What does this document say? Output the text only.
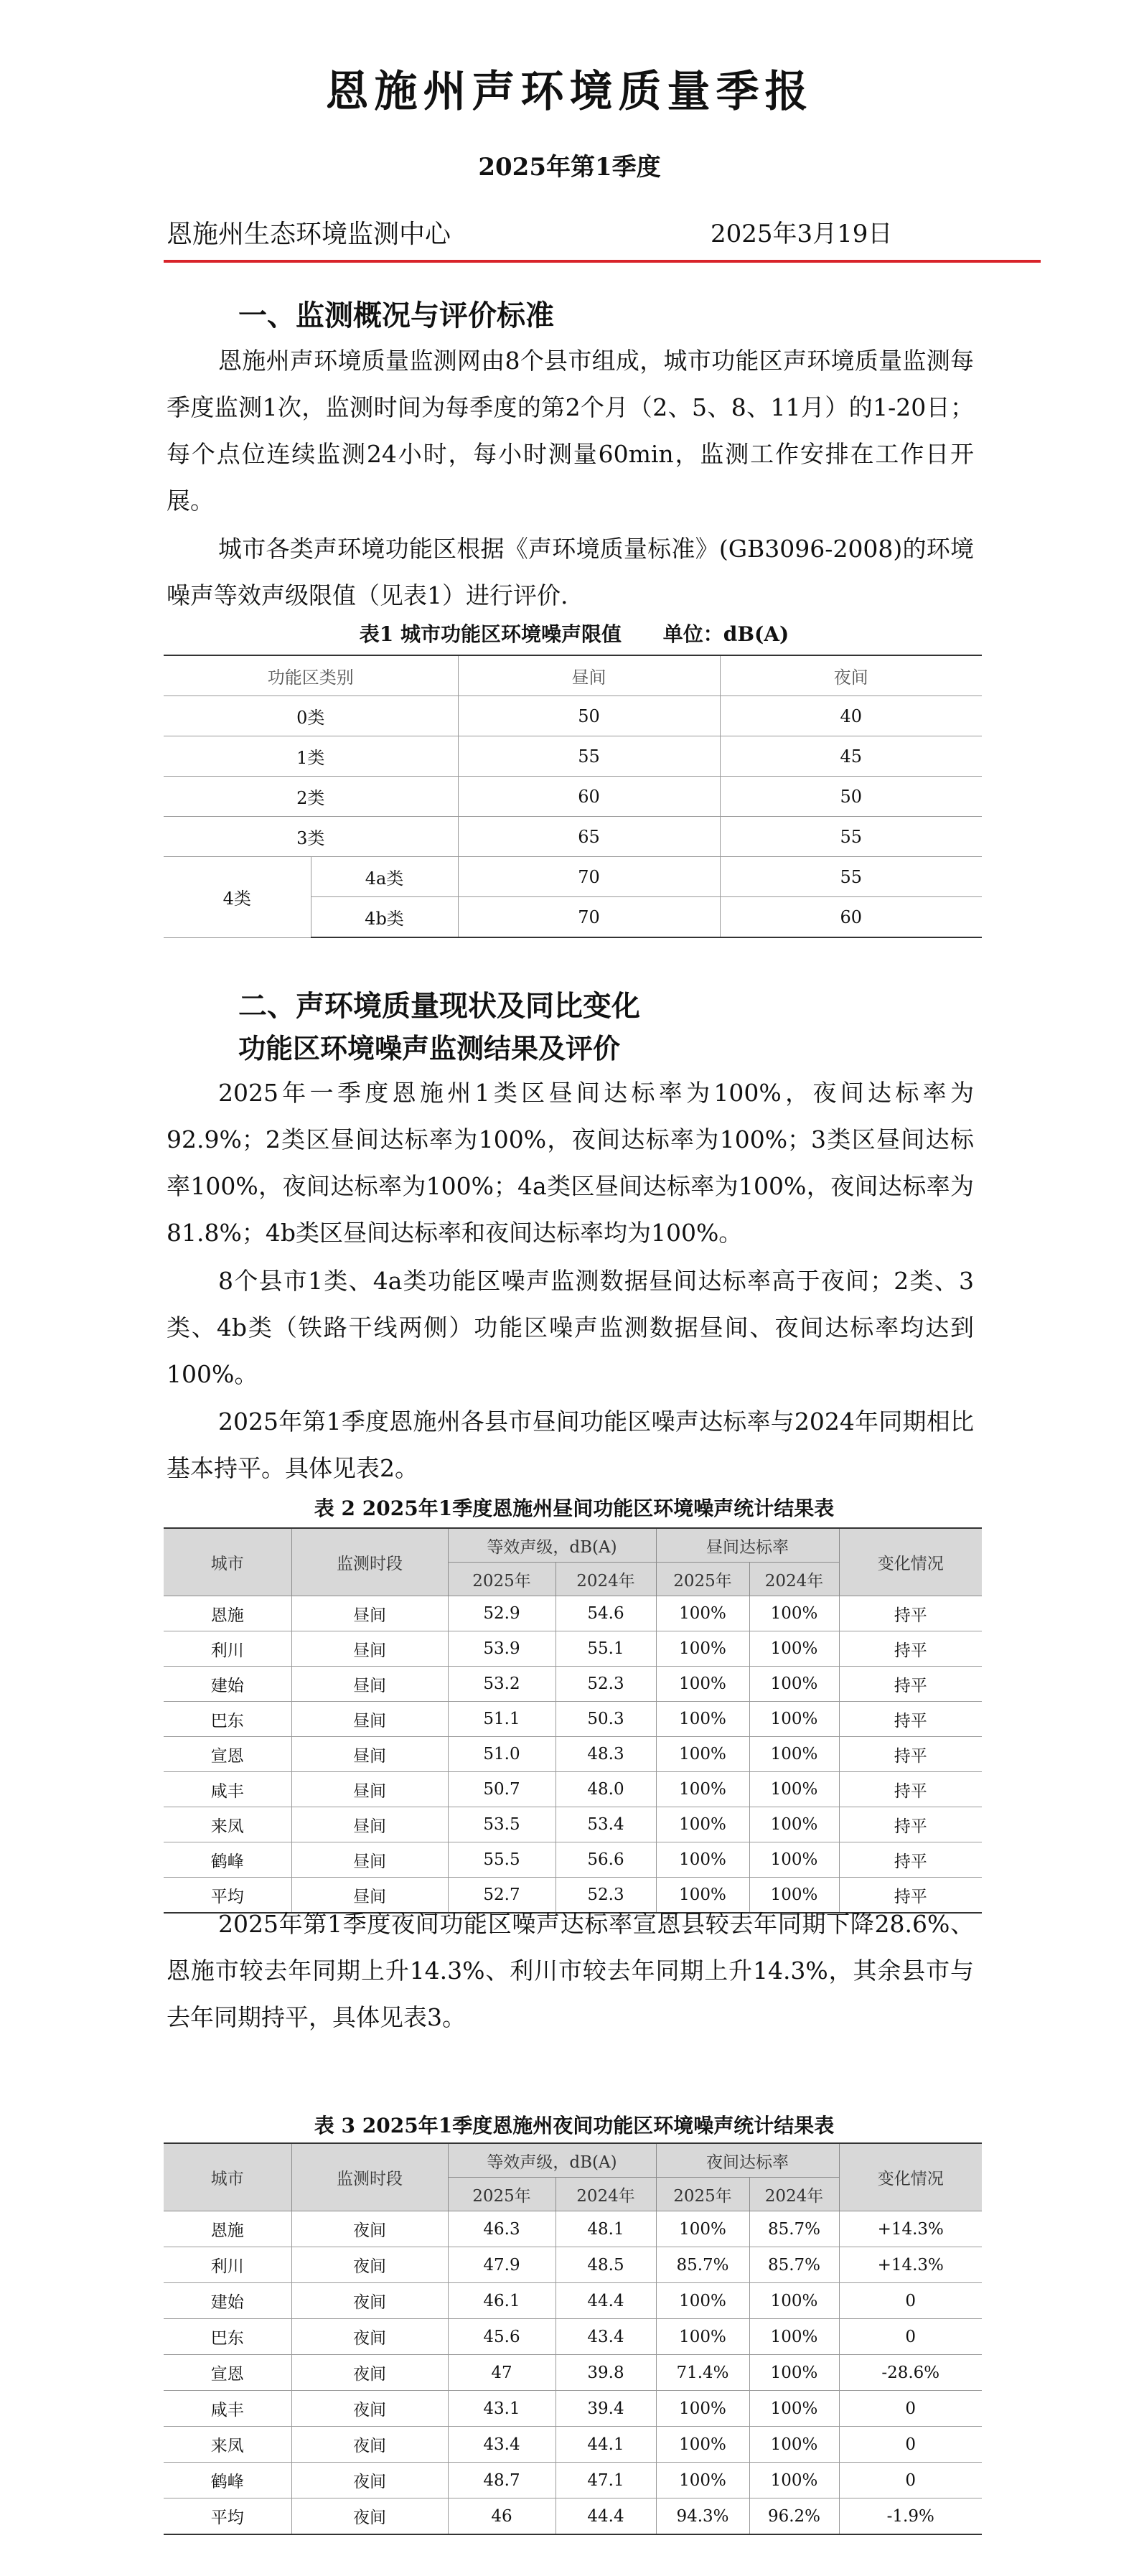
恩施州声环境质量季报
2025年第1季度
恩施州生态环境监测中心	2025年3月19日
一、监测概况与评价标准
恩施州声环境质量监测网由8个县市组成，城市功能区声环境质量监测每季度监测1次，监测时间为每季度的第2个月（2、5、8、11月）的1-20日；每个点位连续监测24小时，每小时测量60min，监测工作安排在工作日开展。
城市各类声环境功能区根据《声环境质量标准》(GB3096-2008)的环境噪声等效声级限值（见表1）进行评价.
表1 城市功能区环境噪声限值 单位：dB(A)
功能区类别		昼间	夜间
0类		50	40
1类		55	45
2类		60	50
3类		65	55
4类	4a类	70	55
	4b类	70	60
二、声环境质量现状及同比变化
功能区环境噪声监测结果及评价
2025年一季度恩施州1类区昼间达标率为100%，夜间达标率为92.9%；2类区昼间达标率为100%，夜间达标率为100%；3类区昼间达标率100%，夜间达标率为100%；4a类区昼间达标率为100%，夜间达标率为81.8%；4b类区昼间达标率和夜间达标率均为100%。
8个县市1类、4a类功能区噪声监测数据昼间达标率高于夜间；2类、3类、4b类（铁路干线两侧）功能区噪声监测数据昼间、夜间达标率均达到100%。
2025年第1季度恩施州各县市昼间功能区噪声达标率与2024年同期相比基本持平。具体见表2。
表 2 2025年1季度恩施州昼间功能区环境噪声统计结果表
城市	监测时段	等效声级，dB(A)		昼间达标率		变化情况
		2025年	2024年	2025年	2024年	
恩施	昼间	52.9	54.6	100%	100%	持平
利川	昼间	53.9	55.1	100%	100%	持平
建始	昼间	53.2	52.3	100%	100%	持平
巴东	昼间	51.1	50.3	100%	100%	持平
宣恩	昼间	51.0	48.3	100%	100%	持平
咸丰	昼间	50.7	48.0	100%	100%	持平
来凤	昼间	53.5	53.4	100%	100%	持平
鹤峰	昼间	55.5	56.6	100%	100%	持平
平均	昼间	52.7	52.3	100%	100%	持平
2025年第1季度夜间功能区噪声达标率宣恩县较去年同期下降28.6%、恩施市较去年同期上升14.3%、利川市较去年同期上升14.3%，其余县市与去年同期持平，具体见表3。
表 3 2025年1季度恩施州夜间功能区环境噪声统计结果表
城市	监测时段	等效声级，dB(A)		夜间达标率		变化情况
		2025年	2024年	2025年	2024年	
恩施	夜间	46.3	48.1	100%	85.7%	+14.3%
利川	夜间	47.9	48.5	85.7%	85.7%	+14.3%
建始	夜间	46.1	44.4	100%	100%	0
巴东	夜间	45.6	43.4	100%	100%	0
宣恩	夜间	47	39.8	71.4%	100%	-28.6%
咸丰	夜间	43.1	39.4	100%	100%	0
来凤	夜间	43.4	44.1	100%	100%	0
鹤峰	夜间	48.7	47.1	100%	100%	0
平均	夜间	46	44.4	94.3%	96.2%	-1.9%
